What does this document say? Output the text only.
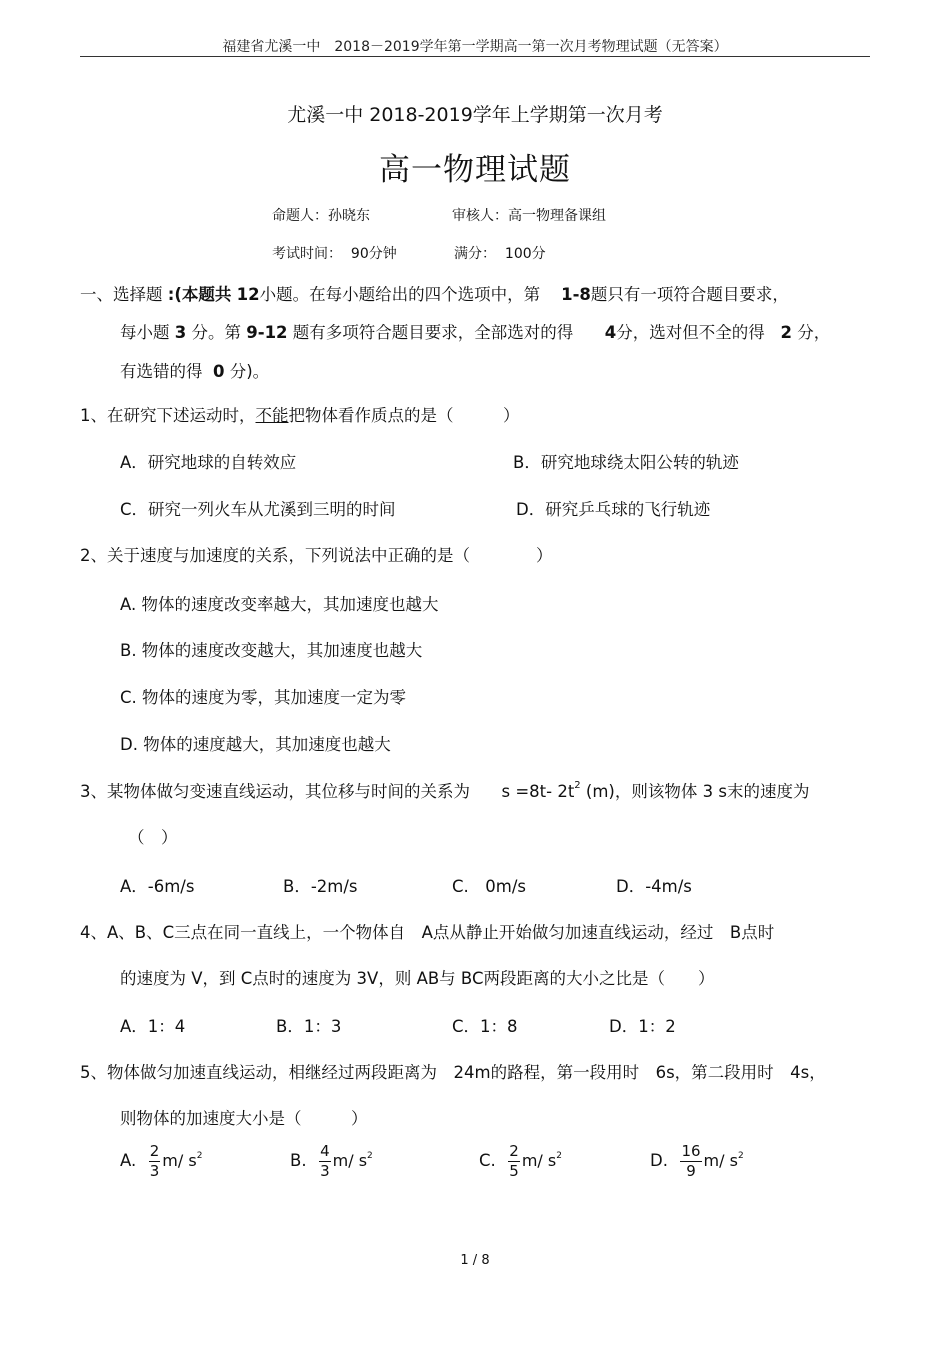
福建省尤溪一中　2018－2019学年第一学期高一第一次月考物理试题（无答案）
尤溪一中 2018-2019学年上学期第一次月考
高一物理试题
命题人：孙晓东	审核人：高一物理备课组
考试时间： 90分钟	满分： 100分
一、选择题 :(本题共 12小题。在每小题给出的四个选项中，第 1-8题只有一项符合题目要求，
每小题 3 分。第 9-12 题有多项符合题目要求，全部选对的得 4分，选对但不全的得 2 分，
有选错的得 0 分)。
1、在研究下述运动时，不能把物体看作质点的是（　　　）
A．研究地球的自转效应	B．研究地球绕太阳公转的轨迹
C．研究一列火车从尤溪到三明的时间	D．研究乒乓球的飞行轨迹
2、关于速度与加速度的关系，下列说法中正确的是（　　　　）
A. 物体的速度改变率越大，其加速度也越大
B. 物体的速度改变越大，其加速度也越大
C. 物体的速度为零，其加速度一定为零
D. 物体的速度越大，其加速度也越大
3、某物体做匀变速直线运动，其位移与时间的关系为 s =8t- $2t^2$ (m)，则该物体 3 s末的速度为
（　）
A．-6m/s	B．-2m/s	C.　0m/s	D．-4m/s
4、A、B、C三点在同一直线上，一个物体自　A点从静止开始做匀加速直线运动，经过　B点时
的速度为 V，到 C点时的速度为 3V，则 AB与 BC两段距离的大小之比是（　　）
A．1：4	B．1：3	C．1：8	D．1：2
5、物体做匀加速直线运动，相继经过两段距离为　24m的路程，第一段用时　6s，第二段用时　4s，
则物体的加速度大小是（　　　）
A. $\frac{2}{3} m/$ $s^2$	B. $\frac{4}{3} m/$ $s^2$	C. $\frac{2}{5} m/$ $s^2$	D. $\frac{16}{9} m/$ $s^2$
1 / 8
